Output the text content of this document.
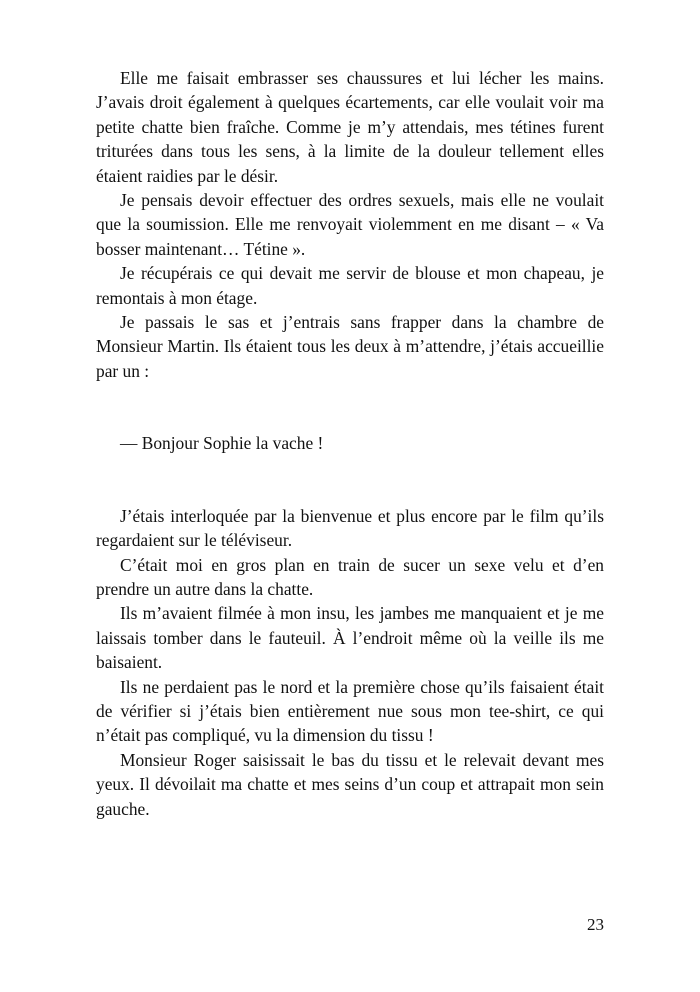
Elle me faisait embrasser ses chaussures et lui lécher les mains. J’avais droit également à quelques écartements, car elle voulait voir ma petite chatte bien fraîche. Comme je m’y attendais, mes tétines furent triturées dans tous les sens, à la limite de la douleur tellement elles étaient raidies par le désir.

Je pensais devoir effectuer des ordres sexuels, mais elle ne voulait que la soumission. Elle me renvoyait violemment en me disant – « Va bosser maintenant… Tétine ».

Je récupérais ce qui devait me servir de blouse et mon chapeau, je remontais à mon étage.

Je passais le sas et j’entrais sans frapper dans la chambre de Monsieur Martin. Ils étaient tous les deux à m’attendre, j’étais accueillie par un :

— Bonjour Sophie la vache !

J’étais interloquée par la bienvenue et plus encore par le film qu’ils regardaient sur le téléviseur.

C’était moi en gros plan en train de sucer un sexe velu et d’en prendre un autre dans la chatte.

Ils m’avaient filmée à mon insu, les jambes me manquaient et je me laissais tomber dans le fauteuil. À l’endroit même où la veille ils me baisaient.

Ils ne perdaient pas le nord et la première chose qu’ils faisaient était de vérifier si j’étais bien entièrement nue sous mon tee-shirt, ce qui n’était pas compliqué, vu la dimension du tissu !

Monsieur Roger saisissait le bas du tissu et le relevait devant mes yeux. Il dévoilait ma chatte et mes seins d’un coup et attrapait mon sein gauche.

23
